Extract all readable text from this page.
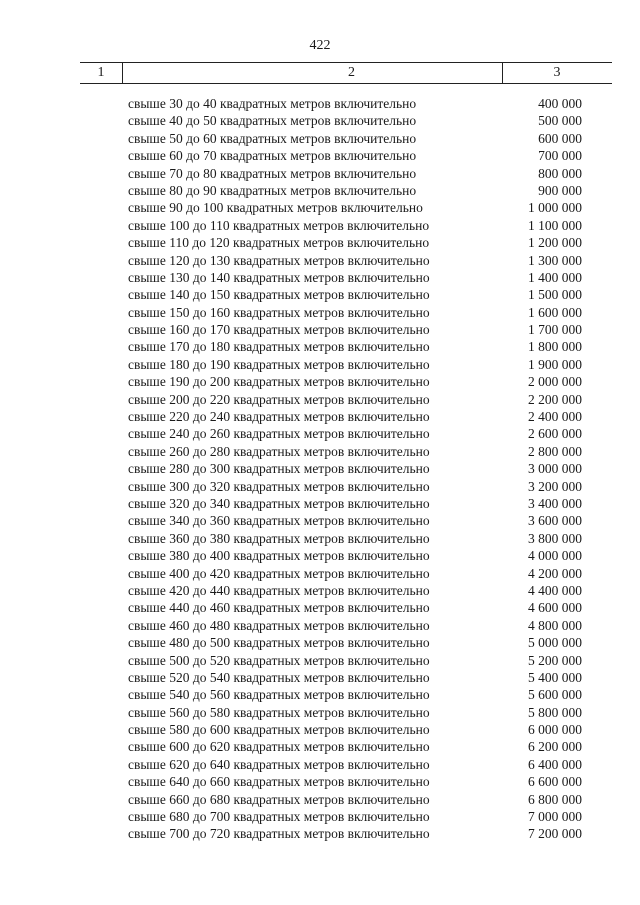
422
1	2	3
свыше 30 до 40 квадратных метров включительно	400 000
свыше 40 до 50 квадратных метров включительно	500 000
свыше 50 до 60 квадратных метров включительно	600 000
свыше 60 до 70 квадратных метров включительно	700 000
свыше 70 до 80 квадратных метров включительно	800 000
свыше 80 до 90 квадратных метров включительно	900 000
свыше 90 до 100 квадратных метров включительно	1 000 000
свыше 100 до 110 квадратных метров включительно	1 100 000
свыше 110 до 120 квадратных метров включительно	1 200 000
свыше 120 до 130 квадратных метров включительно	1 300 000
свыше 130 до 140 квадратных метров включительно	1 400 000
свыше 140 до 150 квадратных метров включительно	1 500 000
свыше 150 до 160 квадратных метров включительно	1 600 000
свыше 160 до 170 квадратных метров включительно	1 700 000
свыше 170 до 180 квадратных метров включительно	1 800 000
свыше 180 до 190 квадратных метров включительно	1 900 000
свыше 190 до 200 квадратных метров включительно	2 000 000
свыше 200 до 220 квадратных метров включительно	2 200 000
свыше 220 до 240 квадратных метров включительно	2 400 000
свыше 240 до 260 квадратных метров включительно	2 600 000
свыше 260 до 280 квадратных метров включительно	2 800 000
свыше 280 до 300 квадратных метров включительно	3 000 000
свыше 300 до 320 квадратных метров включительно	3 200 000
свыше 320 до 340 квадратных метров включительно	3 400 000
свыше 340 до 360 квадратных метров включительно	3 600 000
свыше 360 до 380 квадратных метров включительно	3 800 000
свыше 380 до 400 квадратных метров включительно	4 000 000
свыше 400 до 420 квадратных метров включительно	4 200 000
свыше 420 до 440 квадратных метров включительно	4 400 000
свыше 440 до 460 квадратных метров включительно	4 600 000
свыше 460 до 480 квадратных метров включительно	4 800 000
свыше 480 до 500 квадратных метров включительно	5 000 000
свыше 500 до 520 квадратных метров включительно	5 200 000
свыше 520 до 540 квадратных метров включительно	5 400 000
свыше 540 до 560 квадратных метров включительно	5 600 000
свыше 560 до 580 квадратных метров включительно	5 800 000
свыше 580 до 600 квадратных метров включительно	6 000 000
свыше 600 до 620 квадратных метров включительно	6 200 000
свыше 620 до 640 квадратных метров включительно	6 400 000
свыше 640 до 660 квадратных метров включительно	6 600 000
свыше 660 до 680 квадратных метров включительно	6 800 000
свыше 680 до 700 квадратных метров включительно	7 000 000
свыше 700 до 720 квадратных метров включительно	7 200 000
